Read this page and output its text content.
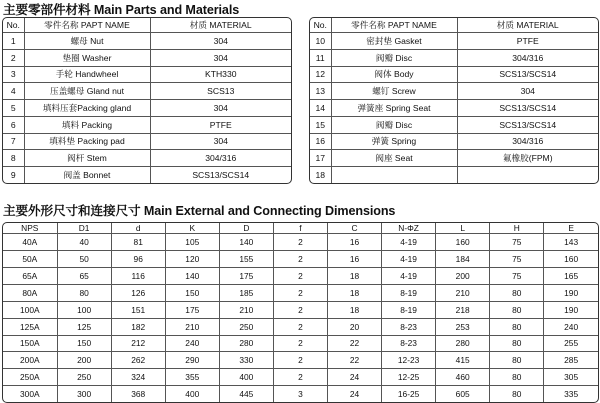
主要零部件材料 Main Parts and Materials
No.	零件名称 PAPT NAME	材质 MATERIAL
1	螺母 Nut	304
2	垫圈 Washer	304
3	手轮 Handwheel	KTH330
4	压盖螺母 Gland nut	SCS13
5	填料压套Packing gland	304
6	填料 Packing	PTFE
7	填料垫 Packing pad	304
8	阀杆 Stem	304/316
9	阀盖 Bonnet	SCS13/SCS14
No.	零件名称 PAPT NAME	材质 MATERIAL
10	密封垫 Gasket	PTFE
11	阀瓣 Disc	304/316
12	阀体 Body	SCS13/SCS14
13	螺钉 Screw	304
14	弹簧座 Spring Seat	SCS13/SCS14
15	阀瓣 Disc	SCS13/SCS14
16	弹簧 Spring	304/316
17	阀座 Seat	氟橡胶(FPM)
18		
主要外形尺寸和连接尺寸 Main External and Connecting Dimensions
NPS	D1	d	K	D	f	C	N-ΦZ	L	H	E
40A	40	81	105	140	2	16	4-19	160	75	143
50A	50	96	120	155	2	16	4-19	184	75	160
65A	65	116	140	175	2	18	4-19	200	75	165
80A	80	126	150	185	2	18	8-19	210	80	190
100A	100	151	175	210	2	18	8-19	218	80	190
125A	125	182	210	250	2	20	8-23	253	80	240
150A	150	212	240	280	2	22	8-23	280	80	255
200A	200	262	290	330	2	22	12-23	415	80	285
250A	250	324	355	400	2	24	12-25	460	80	305
300A	300	368	400	445	3	24	16-25	605	80	335
